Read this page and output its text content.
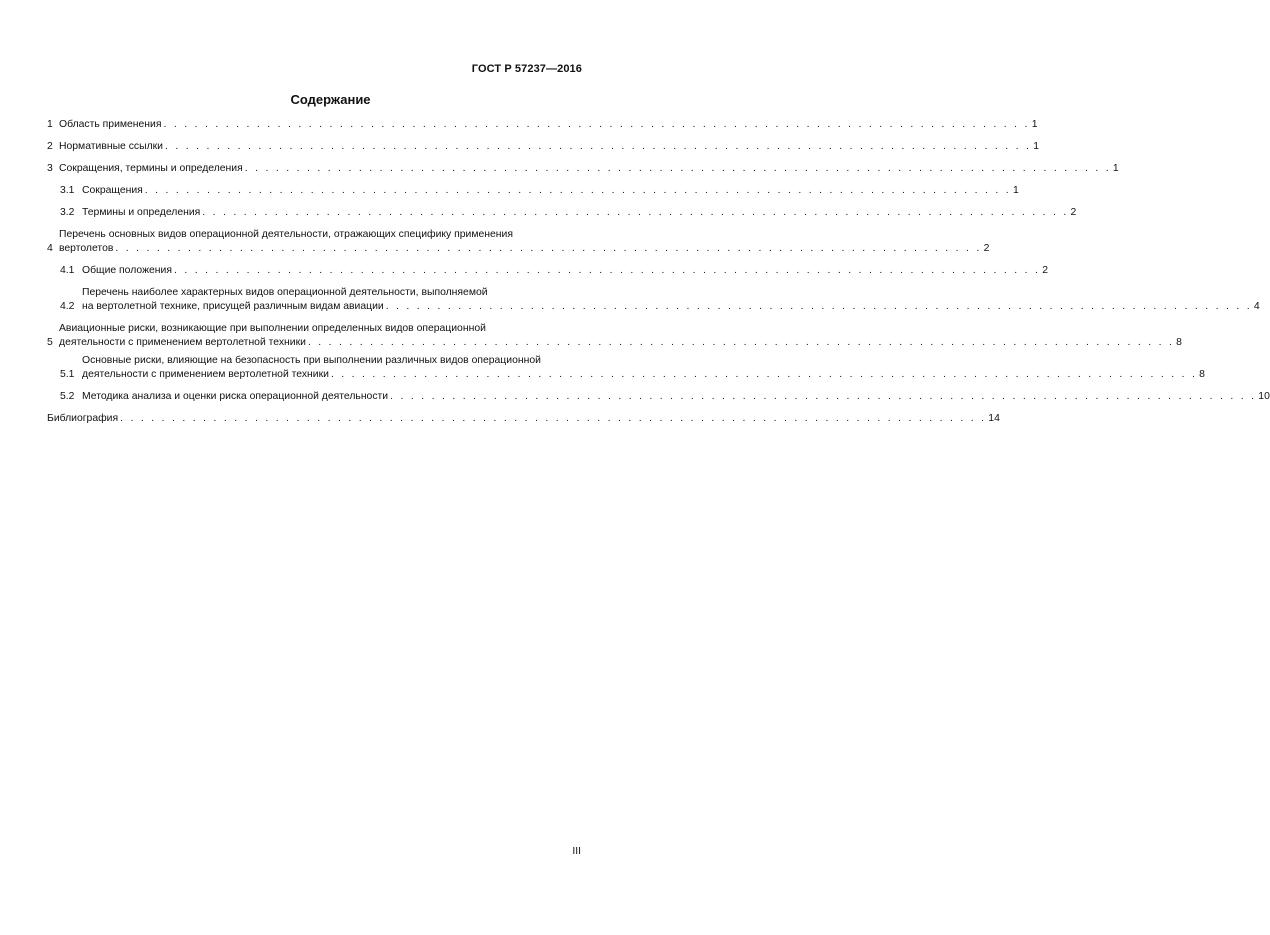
ГОСТ Р 57237—2016
Содержание
1 Область применения . . . . . . . . . . . . . . . . . . . . . . . . . . . . . . . . . . . . . . . . . . . . . . . . . . . . . . . . . . . . . . . . . . . . . . . . . . . . . . . . . . . . 1
2 Нормативные ссылки . . . . . . . . . . . . . . . . . . . . . . . . . . . . . . . . . . . . . . . . . . . . . . . . . . . . . . . . . . . . . . . . . . . . . . . . . . . . . . . . . . . . 1
3 Сокращения, термины и определения . . . . . . . . . . . . . . . . . . . . . . . . . . . . . . . . . . . . . . . . . . . . . . . . . . . . . . . . . . . . . . . . . . . . . . . . . . . . . . . . . . . . 1
3.1 Сокращения . . . . . . . . . . . . . . . . . . . . . . . . . . . . . . . . . . . . . . . . . . . . . . . . . . . . . . . . . . . . . . . . . . . . . . . . . . . . . . . . . . . . 1
3.2 Термины и определения . . . . . . . . . . . . . . . . . . . . . . . . . . . . . . . . . . . . . . . . . . . . . . . . . . . . . . . . . . . . . . . . . . . . . . . . . . . . . . . . . . . . 2
4
Перечень основных видов операционной деятельности, отражающих специфику применения
вертолетов . . . . . . . . . . . . . . . . . . . . . . . . . . . . . . . . . . . . . . . . . . . . . . . . . . . . . . . . . . . . . . . . . . . . . . . . . . . . . . . . . . . . 2
4.1 Общие положения . . . . . . . . . . . . . . . . . . . . . . . . . . . . . . . . . . . . . . . . . . . . . . . . . . . . . . . . . . . . . . . . . . . . . . . . . . . . . . . . . . . . 2
4.2
Перечень наиболее характерных видов операционной деятельности, выполняемой
на вертолетной технике, присущей различным видам авиации . . . . . . . . . . . . . . . . . . . . . . . . . . . . . . . . . . . . . . . . . . . . . . . . . . . . . . . . . . . . . . . . . . . . . . . . . . . . . . . . . . . . 4
5
Авиационные риски, возникающие при выполнении определенных видов операционной
деятельности с применением вертолетной техники . . . . . . . . . . . . . . . . . . . . . . . . . . . . . . . . . . . . . . . . . . . . . . . . . . . . . . . . . . . . . . . . . . . . . . . . . . . . . . . . . . . . 8
5.1
Основные риски, влияющие на безопасность при выполнении различных видов операционной
деятельности с применением вертолетной техники . . . . . . . . . . . . . . . . . . . . . . . . . . . . . . . . . . . . . . . . . . . . . . . . . . . . . . . . . . . . . . . . . . . . . . . . . . . . . . . . . . . . 8
5.2 Методика анализа и оценки риска операционной деятельности . . . . . . . . . . . . . . . . . . . . . . . . . . . . . . . . . . . . . . . . . . . . . . . . . . . . . . . . . . . . . . . . . . . . . . . . . . . . . . . . . . . . 10
Библиография . . . . . . . . . . . . . . . . . . . . . . . . . . . . . . . . . . . . . . . . . . . . . . . . . . . . . . . . . . . . . . . . . . . . . . . . . . . . . . . . . . . . 14
III
